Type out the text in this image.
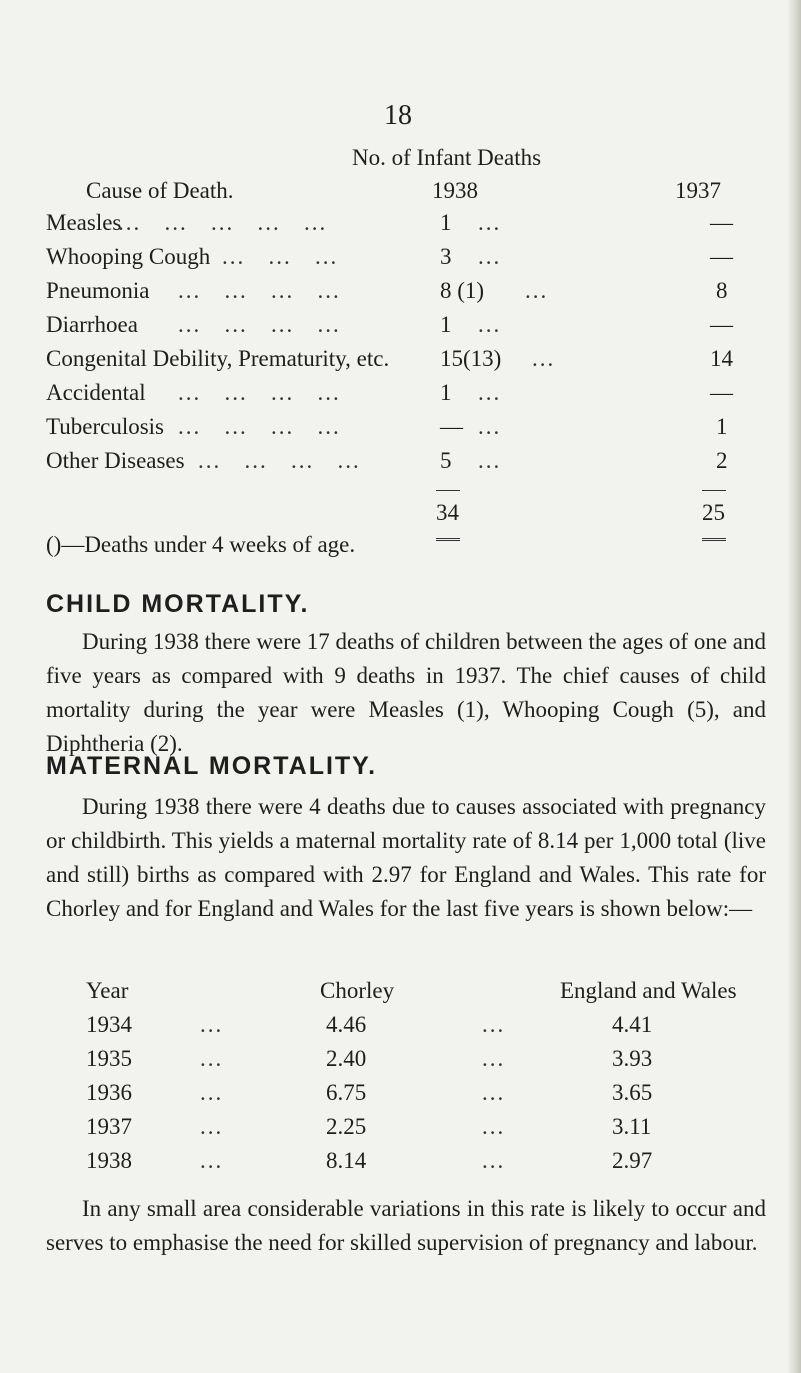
18
No. of Infant Deaths
Cause of Death.	1938	1937
Measles	1	—
Whooping Cough	3	—
Pneumonia	8 (1)	8
Diarrhoea	1	—
Congenital Debility, Prematurity, etc. 15(13)	14
Accidental	1	—
Tuberculosis	—	1
Other Diseases	5	2
...   ...   ...   ...   ...
...   ...   ...
...   ...   ...   ...
...   ...   ...   ...
...   ...   ...   ...
...   ...   ...   ...
...   ...   ...   ...
...
...
...
...
...
...
...
...
34	25
()—Deaths under 4 weeks of age.
CHILD MORTALITY.

During 1938 there were 17 deaths of children between the ages of one and five years as compared with 9 deaths in 1937. The chief causes of child mortality during the year were Measles (1), Whooping Cough (5), and Diphtheria (2).

MATERNAL MORTALITY.

During 1938 there were 4 deaths due to causes associated with pregnancy or childbirth. This yields a maternal mortality rate of 8.14 per 1,000 total (live and still) births as compared with 2.97 for England and Wales. This rate for Chorley and for England and Wales for the last five years is shown below:—

Year	Chorley	England and Wales
1934	4.46	4.41
1935	2.40	3.93
1936	6.75	3.65
1937	2.25	3.11
1938	8.14	2.97
...	...
...	...
...	...
...	...
...	...

In any small area considerable variations in this rate is likely to occur and serves to emphasise the need for skilled supervision of pregnancy and labour.
